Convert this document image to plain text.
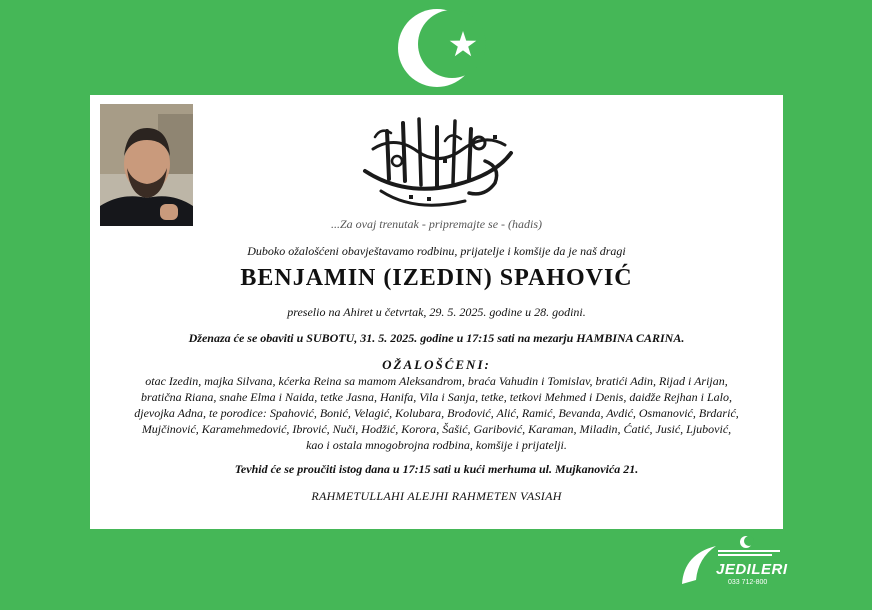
...Za ovaj trenutak - pripremajte se - (hadis)
Duboko ožalošćeni obavještavamo rodbinu, prijatelje i komšije da je naš dragi
BENJAMIN (IZEDIN) SPAHOVIĆ
preselio na Ahiret u četvrtak, 29. 5. 2025. godine u 28. godini.
Dženaza će se obaviti u SUBOTU, 31. 5. 2025. godine u 17:15 sati na mezarju HAMBINA CARINA.
OŽALOŠĆENI:
otac Izedin, majka Silvana, kćerka Reina sa mamom Aleksandrom, braća Vahudin i Tomislav, bratići Adin, Rijad i Arijan,
bratična Riana, snahe Elma i Naida, tetke Jasna, Hanifa, Vila i Sanja, tetke, tetkovi Mehmed i Denis, daidže Rejhan i Lalo,
djevojka Adna, te porodice: Spahović, Bonić, Velagić, Kolubara, Brodović, Alić, Ramić, Bevanda, Avdić, Osmanović, Brdarić,
Mujčinović, Karamehmedović, Ibrović, Nuči, Hodžić, Korora, Šašić, Garibović, Karaman, Miladin, Ćatić, Jusić, Ljubović,
kao i ostala mnogobrojna rodbina, komšije i prijatelji.
Tevhid će se proučiti istog dana u 17:15 sati u kući merhuma ul. Mujkanovića 21.
RAHMETULLAHI ALEJHI RAHMETEN VASIAH
JEDILERI
033 712-800
